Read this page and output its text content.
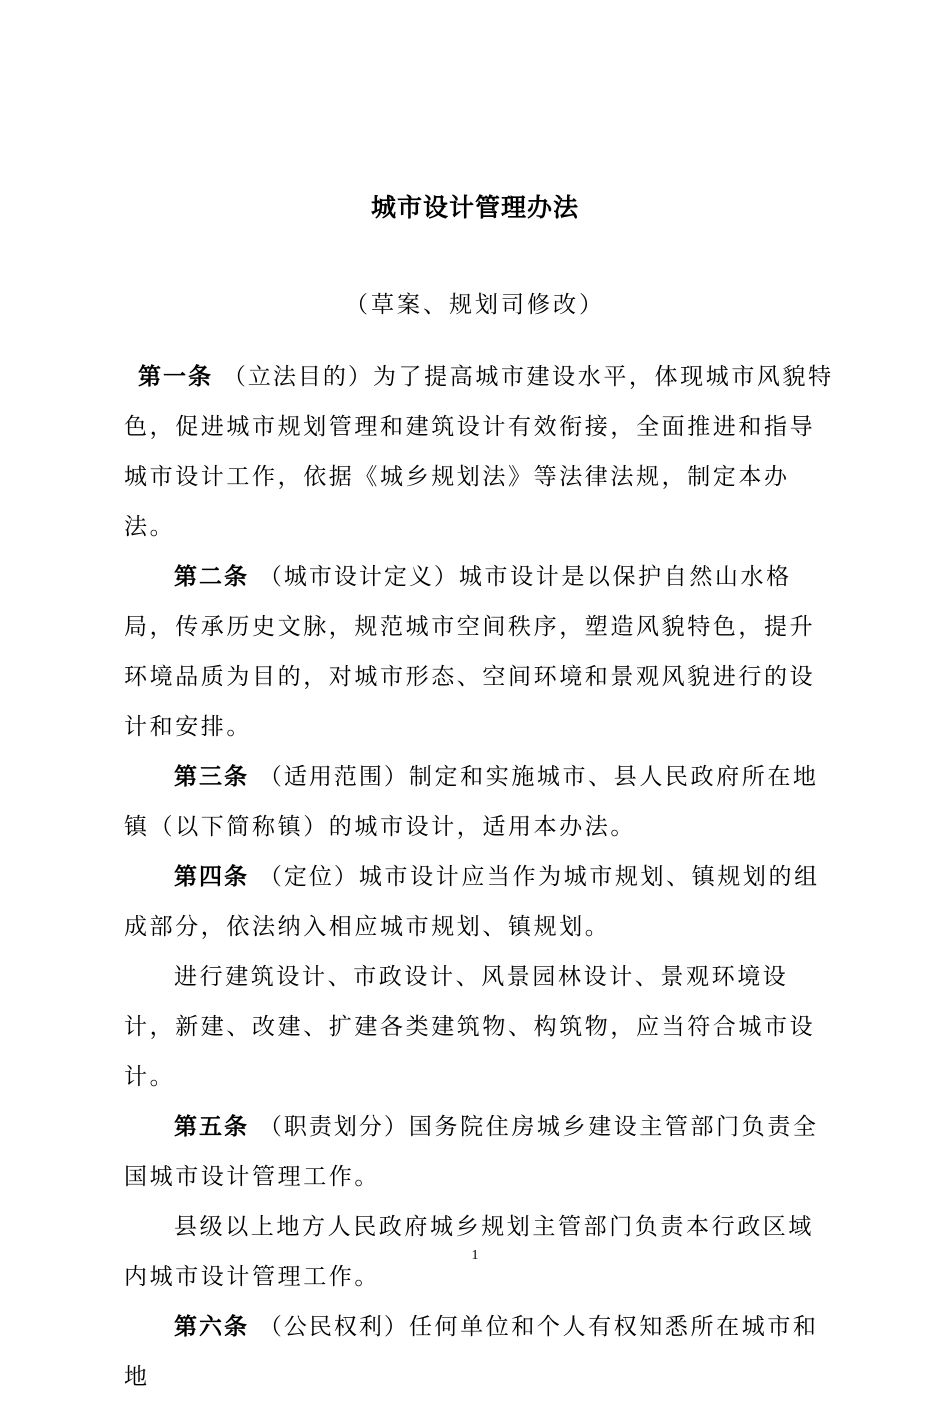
城市设计管理办法
（草案、规划司修改）

第一条 （立法目的）为了提高城市建设水平，体现城市风貌特色，促进城市规划管理和建筑设计有效衔接，全面推进和指导城市设计工作，依据《城乡规划法》等法律法规，制定本办法。

第二条 （城市设计定义）城市设计是以保护自然山水格局，传承历史文脉，规范城市空间秩序，塑造风貌特色，提升环境品质为目的，对城市形态、空间环境和景观风貌进行的设计和安排。

第三条 （适用范围）制定和实施城市、县人民政府所在地镇（以下简称镇）的城市设计，适用本办法。

第四条 （定位）城市设计应当作为城市规划、镇规划的组成部分，依法纳入相应城市规划、镇规划。

进行建筑设计、市政设计、风景园林设计、景观环境设计，新建、改建、扩建各类建筑物、构筑物，应当符合城市设计。

第五条 （职责划分）国务院住房城乡建设主管部门负责全国城市设计管理工作。

县级以上地方人民政府城乡规划主管部门负责本行政区域内城市设计管理工作。

第六条 （公民权利）任何单位和个人有权知悉所在城市和地

1
